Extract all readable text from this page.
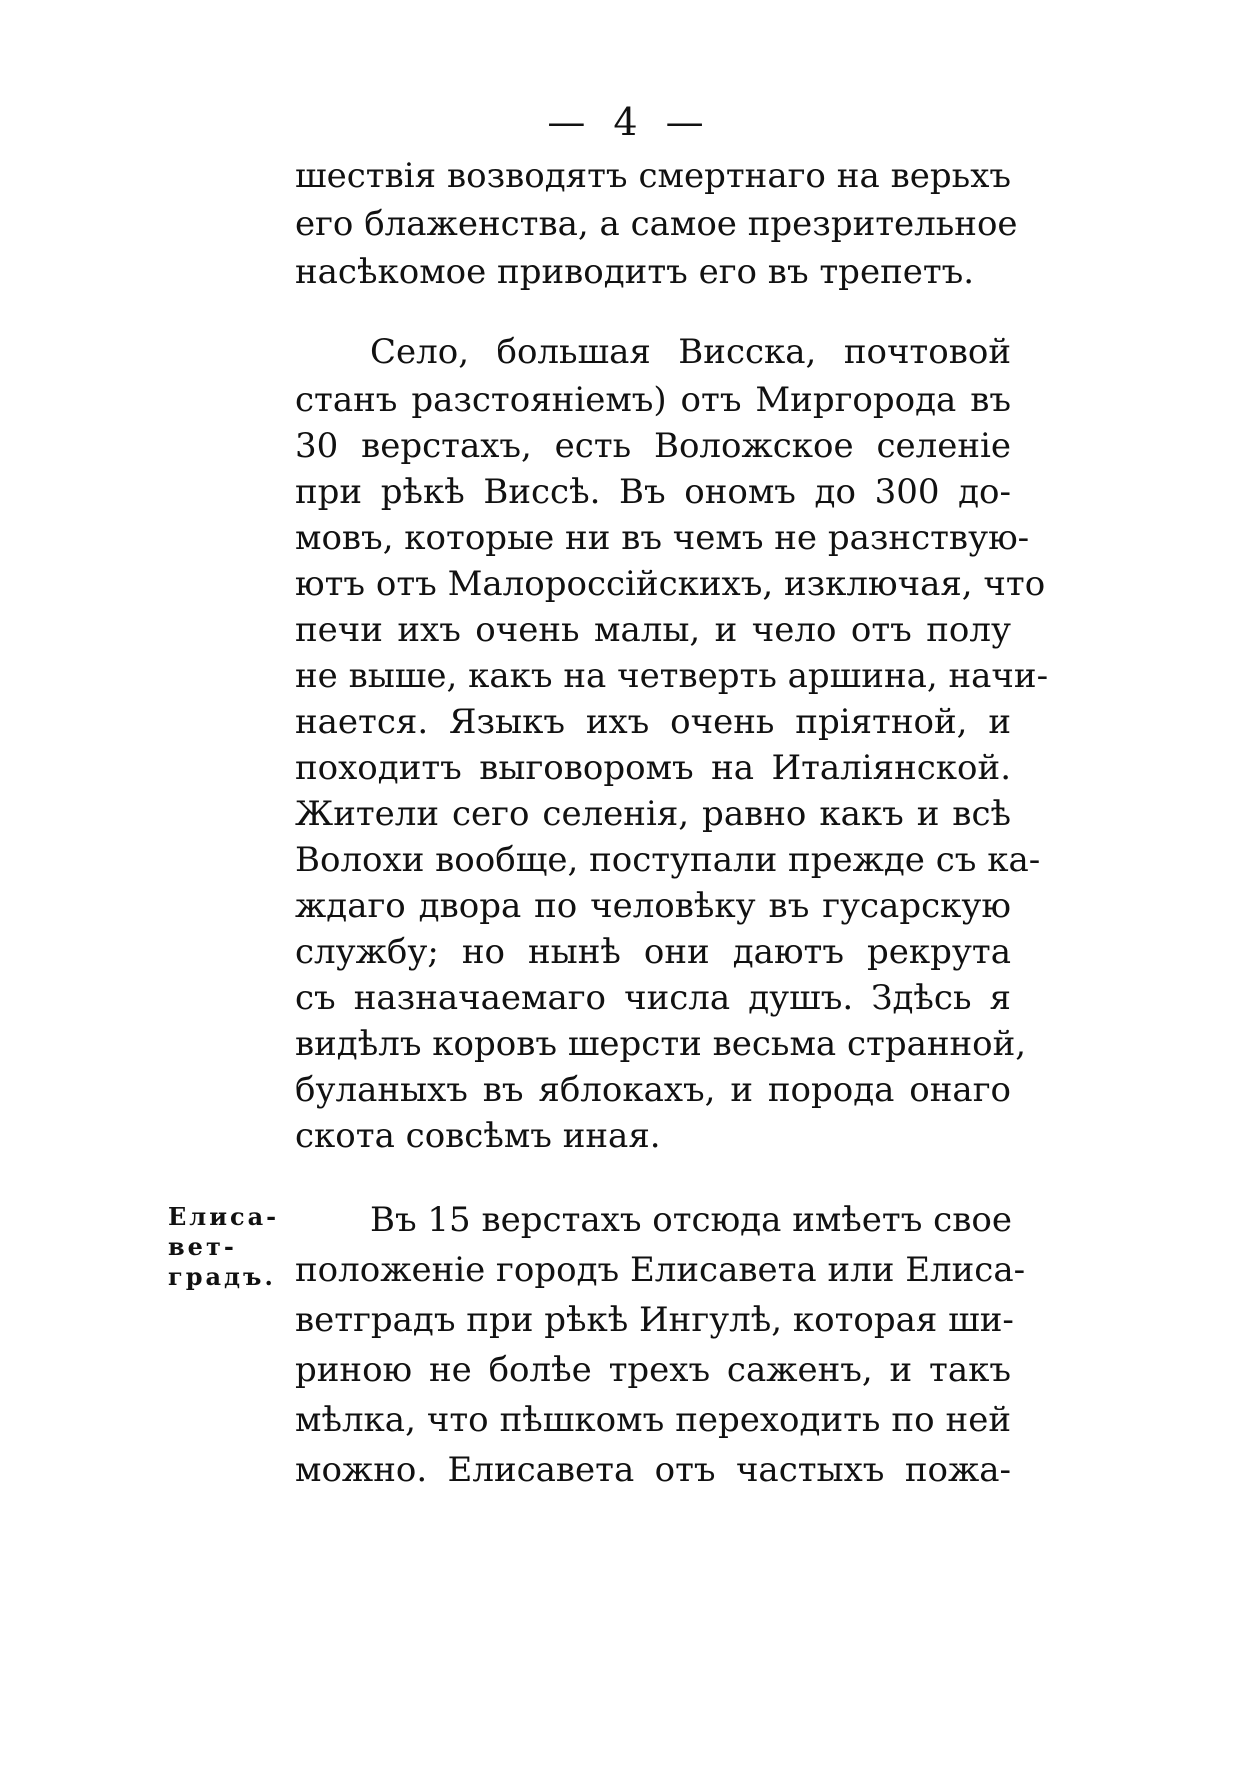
— 4 —
шествія возводятъ смертнаго на верьхъ
его блаженства, а самое презрительное
насѣкомое приводитъ его въ трепетъ.
Село, большая Висска, почтовой
станъ разстояніемъ) отъ Миргорода въ
30 верстахъ, есть Воложское селеніе
при рѣкѣ Виссѣ. Въ ономъ до 300 до-
мовъ, которые ни въ чемъ не разнствую-
ютъ отъ Малороссійскихъ, изключая, что
печи ихъ очень малы, и чело отъ полу
не выше, какъ на четверть аршина, начи-
нается. Языкъ ихъ очень пріятной, и
походитъ выговоромъ на Италіянской.
Жители сего селенія, равно какъ и всѣ
Волохи вообще, поступали прежде съ ка-
ждаго двора по человѣку въ гусарскую
службу; но нынѣ они даютъ рекрута
съ назначаемаго числа душъ. Здѣсь я
видѣлъ коровъ шерсти весьма странной,
буланыхъ въ яблокахъ, и порода онаго
скота совсѣмъ иная.
Елиса-
вет-
градъ.
Въ 15 верстахъ отсюда имѣетъ свое
положеніе городъ Елисавета или Елиса-
ветградъ при рѣкѣ Ингулѣ, которая ши-
риною не болѣе трехъ саженъ, и такъ
мѣлка, что пѣшкомъ переходить по ней
можно. Елисавета отъ частыхъ пожа-
